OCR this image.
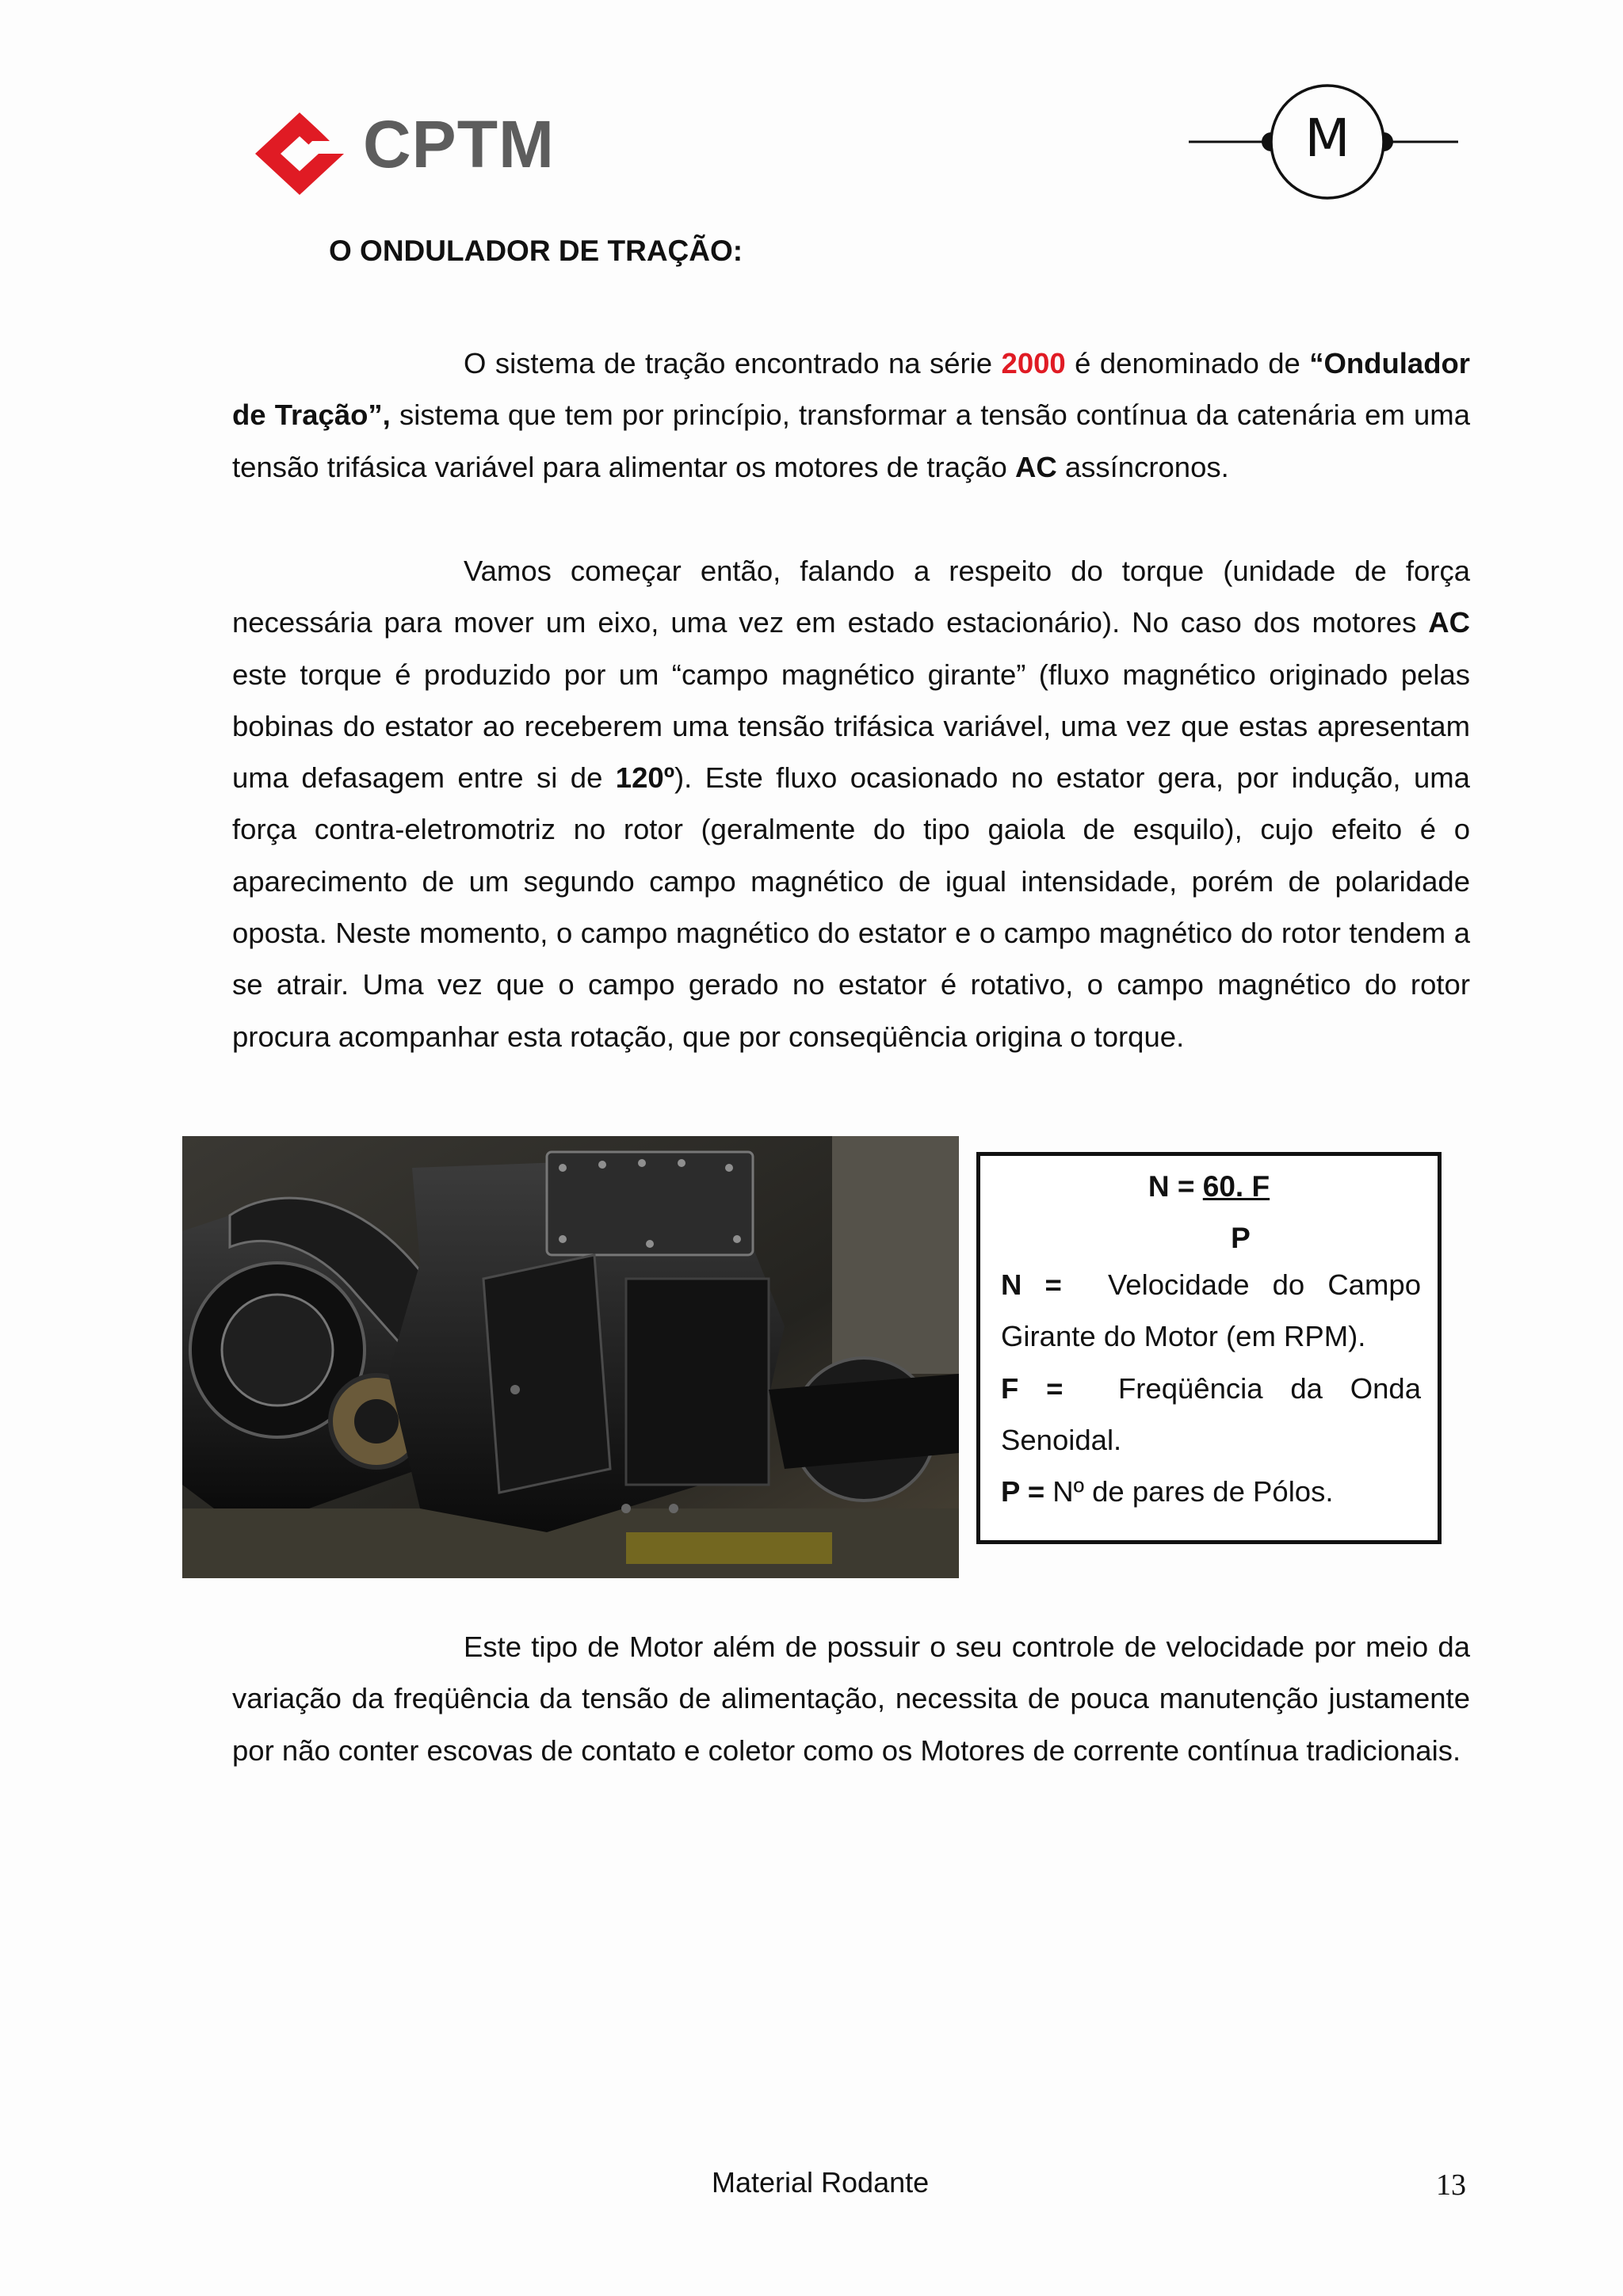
CPTM	M
O ONDULADOR DE TRAÇÃO:

O sistema de tração encontrado na série 2000 é denominado de “Ondulador de Tração”, sistema que tem por princípio, transformar a tensão contínua da catenária em uma tensão trifásica variável para alimentar os motores de tração AC assíncronos.

Vamos começar então, falando a respeito do torque (unidade de força necessária para mover um eixo, uma vez em estado estacionário). No caso dos motores AC este torque é produzido por um “campo magnético girante” (fluxo magnético originado pelas bobinas do estator ao receberem uma tensão trifásica variável, uma vez que estas apresentam uma defasagem entre si de 120º). Este fluxo ocasionado no estator gera, por indução, uma força contra-eletromotriz no rotor (geralmente do tipo gaiola de esquilo), cujo efeito é o aparecimento de um segundo campo magnético de igual intensidade, porém de polaridade oposta. Neste momento, o campo magnético do estator e o campo magnético do rotor tendem a se atrair. Uma vez que o campo gerado no estator é rotativo, o campo magnético do rotor procura acompanhar esta rotação, que por conseqüência origina o torque.

N = 60. F
P
N =  Velocidade do Campo Girante do Motor (em RPM).
F =  Freqüência da Onda Senoidal.
P = Nº de pares de Pólos.

Este tipo de Motor além de possuir o seu controle de velocidade por meio da variação da freqüência da tensão de alimentação, necessita de pouca manutenção justamente por não conter escovas de contato e coletor como os Motores de corrente contínua tradicionais.

Material Rodante	13
